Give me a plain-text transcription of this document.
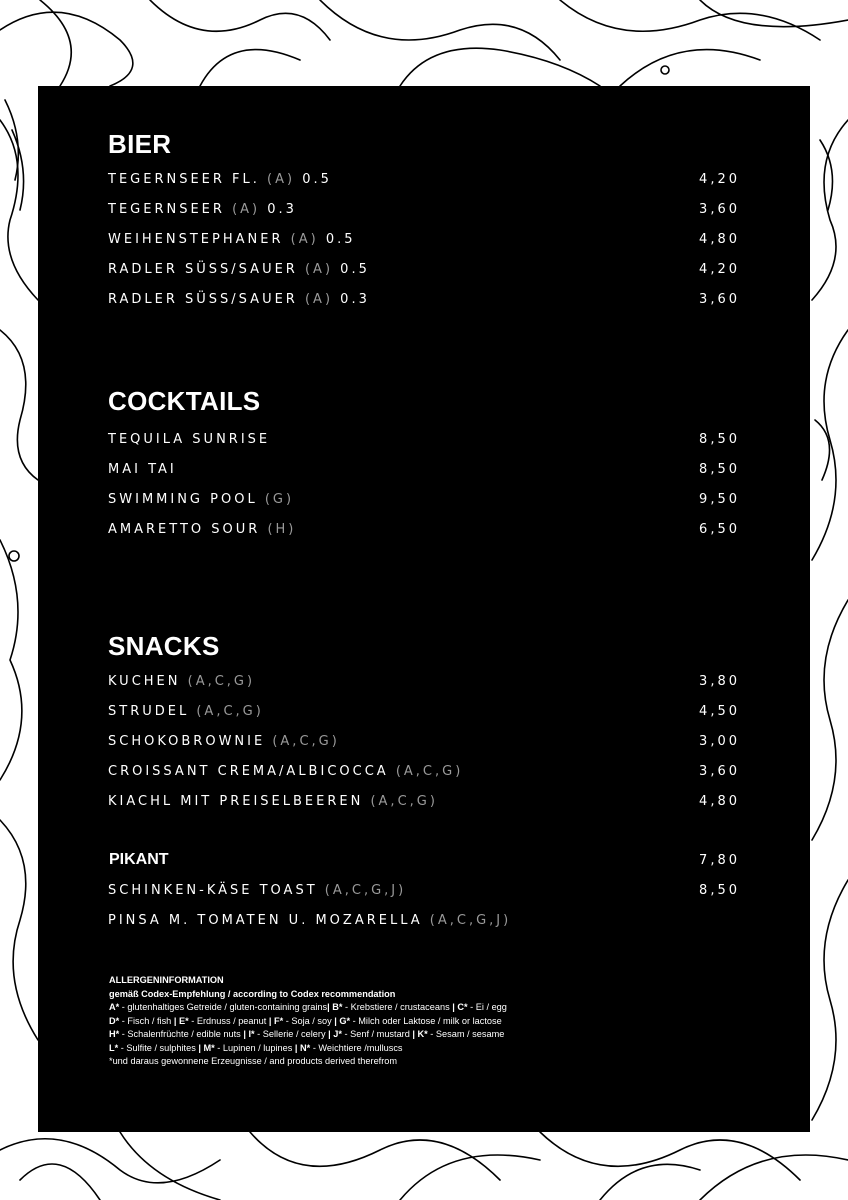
BIER
TEGERNSEER FL. (A) 0.5	4,20
TEGERNSEER (A) 0.3	3,60
WEIHENSTEPHANER (A) 0.5	4,80
RADLER SÜSS/SAUER (A) 0.5	4,20
RADLER SÜSS/SAUER (A) 0.3	3,60
COCKTAILS
TEQUILA SUNRISE	8,50
MAI TAI	8,50
SWIMMING POOL (G)	9,50
AMARETTO SOUR (H)	6,50
SNACKS
KUCHEN (A,C,G)	3,80
STRUDEL (A,C,G)	4,50
SCHOKOBROWNIE (A,C,G)	3,00
CROISSANT CREMA/ALBICOCCA (A,C,G)	3,60
KIACHL MIT PREISELBEEREN (A,C,G)	4,80
PIKANT	7,80

SCHINKEN-KÄSE TOAST (A,C,G,J)	8,50
PINSA M. TOMATEN U. MOZARELLA (A,C,G,J)
ALLERGENINFORMATION
gemäß Codex-Empfehlung / according to Codex recommendation
A* - glutenhaltiges Getreide / gluten-containing grains| B* - Krebstiere / crustaceans | C* - Ei / egg
D* - Fisch / fish | E* - Erdnuss / peanut | F* - Soja / soy | G* - Milch oder Laktose / milk or lactose
H* - Schalenfrüchte / edible nuts | I* - Sellerie / celery | J* - Senf / mustard | K* - Sesam / sesame
L* - Sulfite / sulphites | M* - Lupinen / lupines | N* - Weichtiere /mulluscs
*und daraus gewonnene Erzeugnisse / and products derived therefrom
